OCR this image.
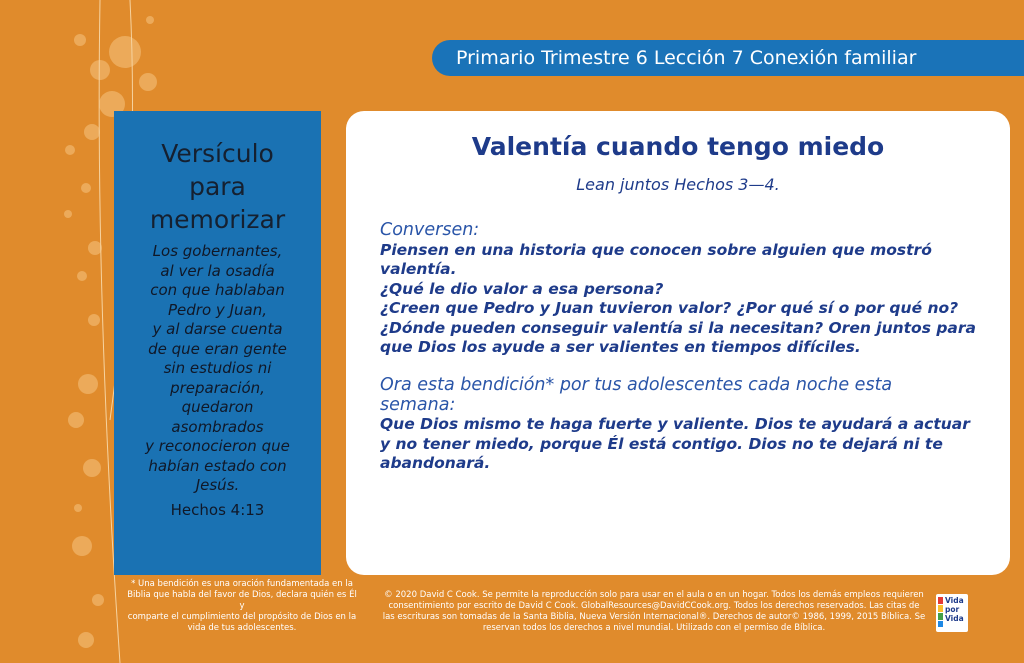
Primario Trimestre 6 Lección 7 Conexión familiar
Versículo
para
memorizar
Los gobernantes,
al ver la osadía
con que hablaban
Pedro y Juan,
y al darse cuenta
de que eran gente
sin estudios ni
preparación,
quedaron
asombrados
y reconocieron que
habían estado con
Jesús.
Hechos 4:13
Valentía cuando tengo miedo
Lean juntos Hechos 3—4.
Conversen:
Piensen en una historia que conocen sobre alguien que mostró valentía.
¿Qué le dio valor a esa persona?
¿Creen que Pedro y Juan tuvieron valor? ¿Por qué sí o por qué no?
¿Dónde pueden conseguir valentía si la necesitan? Oren juntos para
que Dios los ayude a ser valientes en tiempos difíciles.
Ora esta bendición* por tus adolescentes cada noche esta
semana:
Que Dios mismo te haga fuerte y valiente. Dios te ayudará a actuar
y no tener miedo, porque Él está contigo. Dios no te dejará ni te
abandonará.
* Una bendición es una oración fundamentada en la
Biblia que habla del favor de Dios, declara quién es Él y
comparte el cumplimiento del propósito de Dios en la
vida de tus adolescentes.
© 2020 David C Cook. Se permite la reproducción solo para usar en el aula o en un hogar. Todos los demás empleos requieren
consentimiento por escrito de David C Cook. GlobalResources@DavidCCook.org. Todos los derechos reservados. Las citas de
las escrituras son tomadas de la Santa Biblia, Nueva Versión Internacional®. Derechos de autor© 1986, 1999, 2015 Bíblica. Se
reservan todos los derechos a nivel mundial. Utilizado con el permiso de Bíblica.
Vida
por
Vida
